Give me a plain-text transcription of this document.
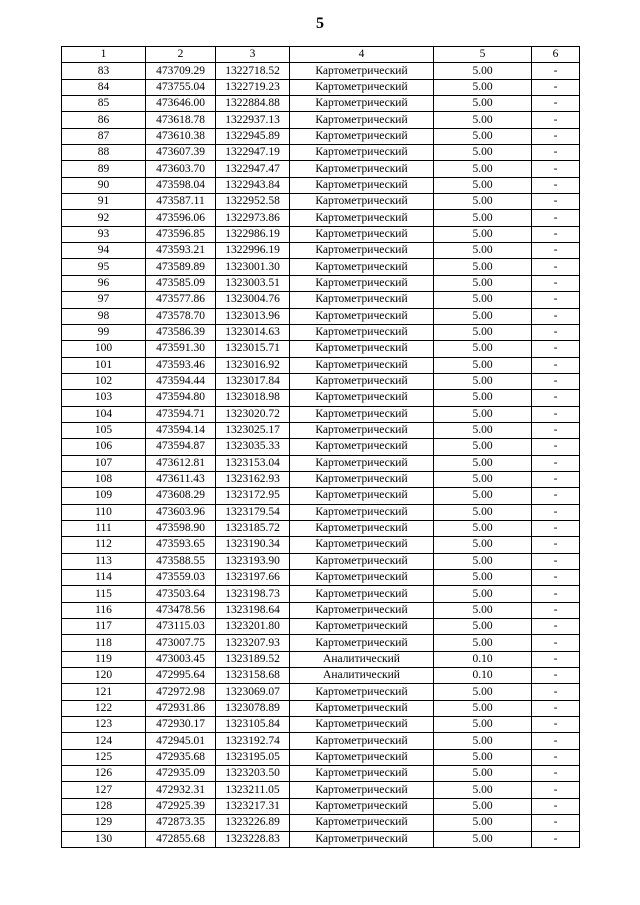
5
1	2	3	4	5	6
83	473709.29	1322718.52	Картометрический	5.00	-
84	473755.04	1322719.23	Картометрический	5.00	-
85	473646.00	1322884.88	Картометрический	5.00	-
86	473618.78	1322937.13	Картометрический	5.00	-
87	473610.38	1322945.89	Картометрический	5.00	-
88	473607.39	1322947.19	Картометрический	5.00	-
89	473603.70	1322947.47	Картометрический	5.00	-
90	473598.04	1322943.84	Картометрический	5.00	-
91	473587.11	1322952.58	Картометрический	5.00	-
92	473596.06	1322973.86	Картометрический	5.00	-
93	473596.85	1322986.19	Картометрический	5.00	-
94	473593.21	1322996.19	Картометрический	5.00	-
95	473589.89	1323001.30	Картометрический	5.00	-
96	473585.09	1323003.51	Картометрический	5.00	-
97	473577.86	1323004.76	Картометрический	5.00	-
98	473578.70	1323013.96	Картометрический	5.00	-
99	473586.39	1323014.63	Картометрический	5.00	-
100	473591.30	1323015.71	Картометрический	5.00	-
101	473593.46	1323016.92	Картометрический	5.00	-
102	473594.44	1323017.84	Картометрический	5.00	-
103	473594.80	1323018.98	Картометрический	5.00	-
104	473594.71	1323020.72	Картометрический	5.00	-
105	473594.14	1323025.17	Картометрический	5.00	-
106	473594.87	1323035.33	Картометрический	5.00	-
107	473612.81	1323153.04	Картометрический	5.00	-
108	473611.43	1323162.93	Картометрический	5.00	-
109	473608.29	1323172.95	Картометрический	5.00	-
110	473603.96	1323179.54	Картометрический	5.00	-
111	473598.90	1323185.72	Картометрический	5.00	-
112	473593.65	1323190.34	Картометрический	5.00	-
113	473588.55	1323193.90	Картометрический	5.00	-
114	473559.03	1323197.66	Картометрический	5.00	-
115	473503.64	1323198.73	Картометрический	5.00	-
116	473478.56	1323198.64	Картометрический	5.00	-
117	473115.03	1323201.80	Картометрический	5.00	-
118	473007.75	1323207.93	Картометрический	5.00	-
119	473003.45	1323189.52	Аналитический	0.10	-
120	472995.64	1323158.68	Аналитический	0.10	-
121	472972.98	1323069.07	Картометрический	5.00	-
122	472931.86	1323078.89	Картометрический	5.00	-
123	472930.17	1323105.84	Картометрический	5.00	-
124	472945.01	1323192.74	Картометрический	5.00	-
125	472935.68	1323195.05	Картометрический	5.00	-
126	472935.09	1323203.50	Картометрический	5.00	-
127	472932.31	1323211.05	Картометрический	5.00	-
128	472925.39	1323217.31	Картометрический	5.00	-
129	472873.35	1323226.89	Картометрический	5.00	-
130	472855.68	1323228.83	Картометрический	5.00	-
